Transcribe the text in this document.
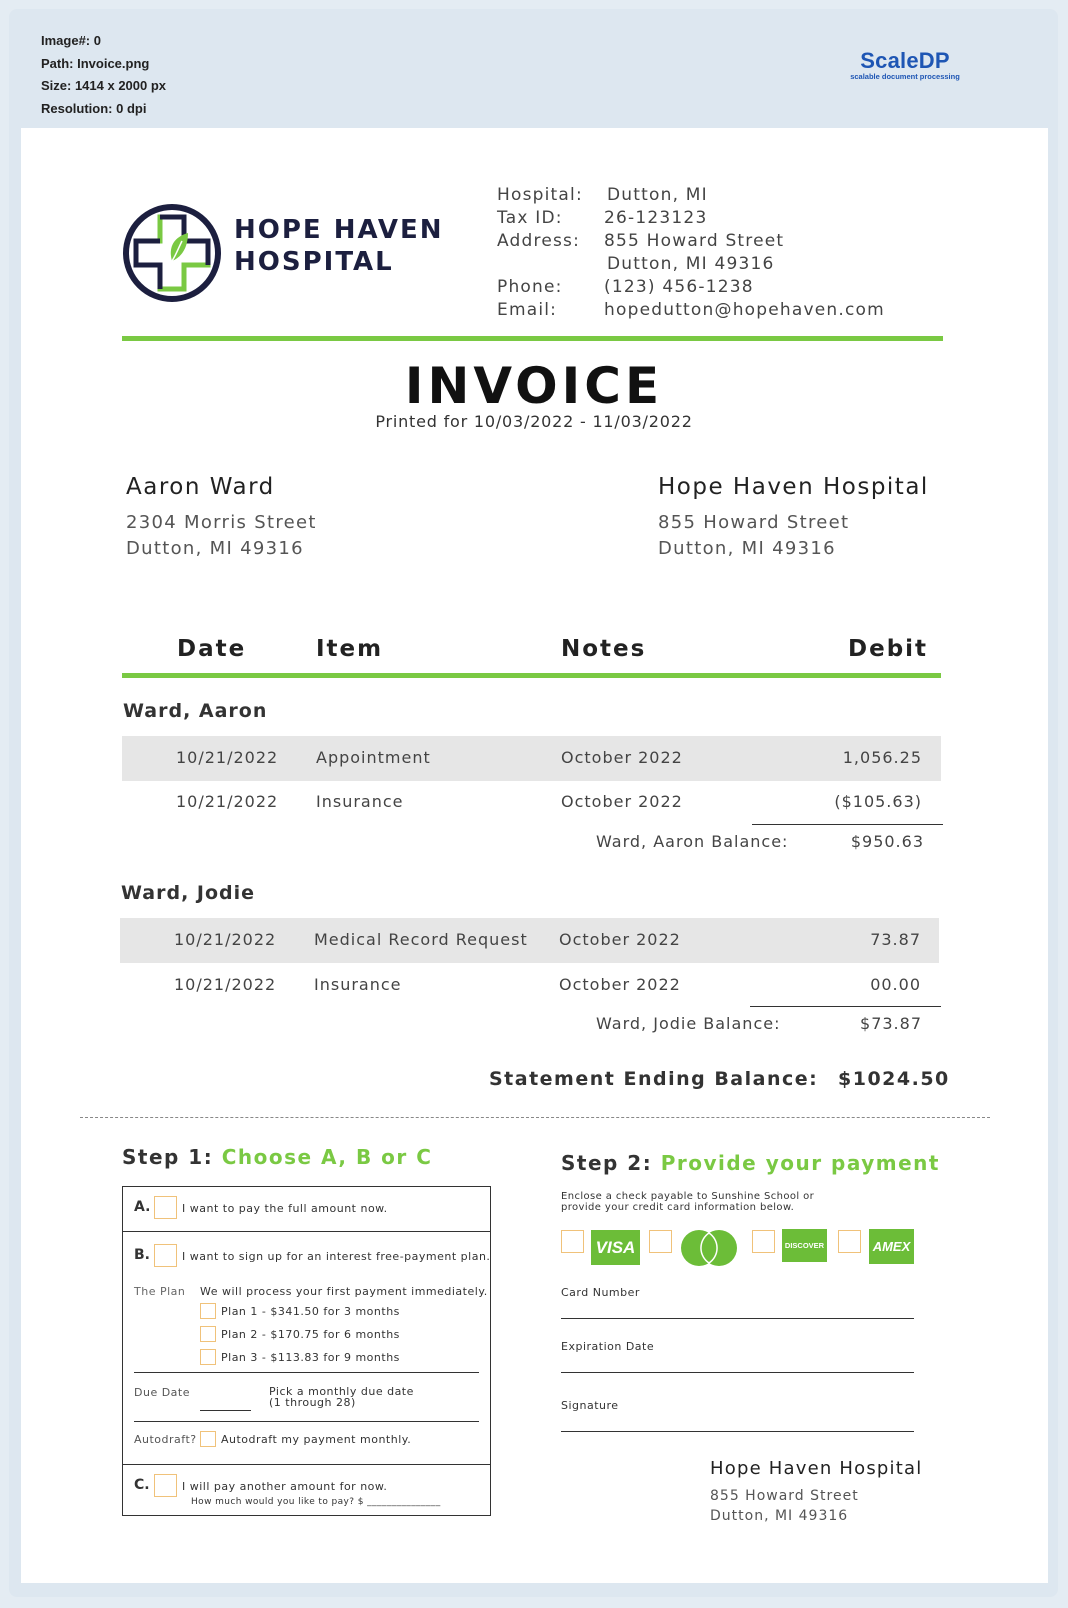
Image#: 0
Path: Invoice.png
Size: 1414 x 2000 px
Resolution: 0 dpi
ScaleDP
scalable document processing
HOPE HAVEN
HOSPITAL
Hospital: Dutton, MI
Tax ID: 26-123123
Address: 855 Howard Street
Dutton, MI 49316
Phone: (123) 456-1238
Email:	hopedutton@hopehaven.com
INVOICE
Printed for 10/03/2022 - 11/03/2022
Aaron Ward
2304 Morris Street
Dutton, MI 49316
Hope Haven Hospital
855 Howard Street
Dutton, MI 49316
Date	Item	Notes	Debit
Ward, Aaron
10/21/2022 Appointment	October 2022	1,056.25
10/21/2022 Insurance	October 2022	($105.63)
Ward, Aaron Balance:	$950.63
Ward, Jodie
10/21/2022 Medical Record Request October 2022	73.87
10/21/2022 Insurance	October 2022	00.00
Ward, Jodie Balance:	$73.87
Statement Ending Balance: $1024.50
Step 1: Choose A, B or C
A.	I want to pay the full amount now.
B.	I want to sign up for an interest free-payment plan.
The Plan We will process your first payment immediately.
Plan 1 - $341.50 for 3 months
Plan 2 - $170.75 for 6 months
Plan 3 - $113.83 for 9 months
Due Date	Pick a monthly due date
(1 through 28)
Autodraft? Autodraft my payment monthly.
C.	I will pay another amount for now.
How much would you like to pay? $ _______________
Step 2: Provide your payment
Enclose a check payable to Sunshine School or
provide your credit card information below.
VISA	DISCOVER	AMEX
Card Number
Expiration Date
Signature
Hope Haven Hospital
855 Howard Street
Dutton, MI 49316
